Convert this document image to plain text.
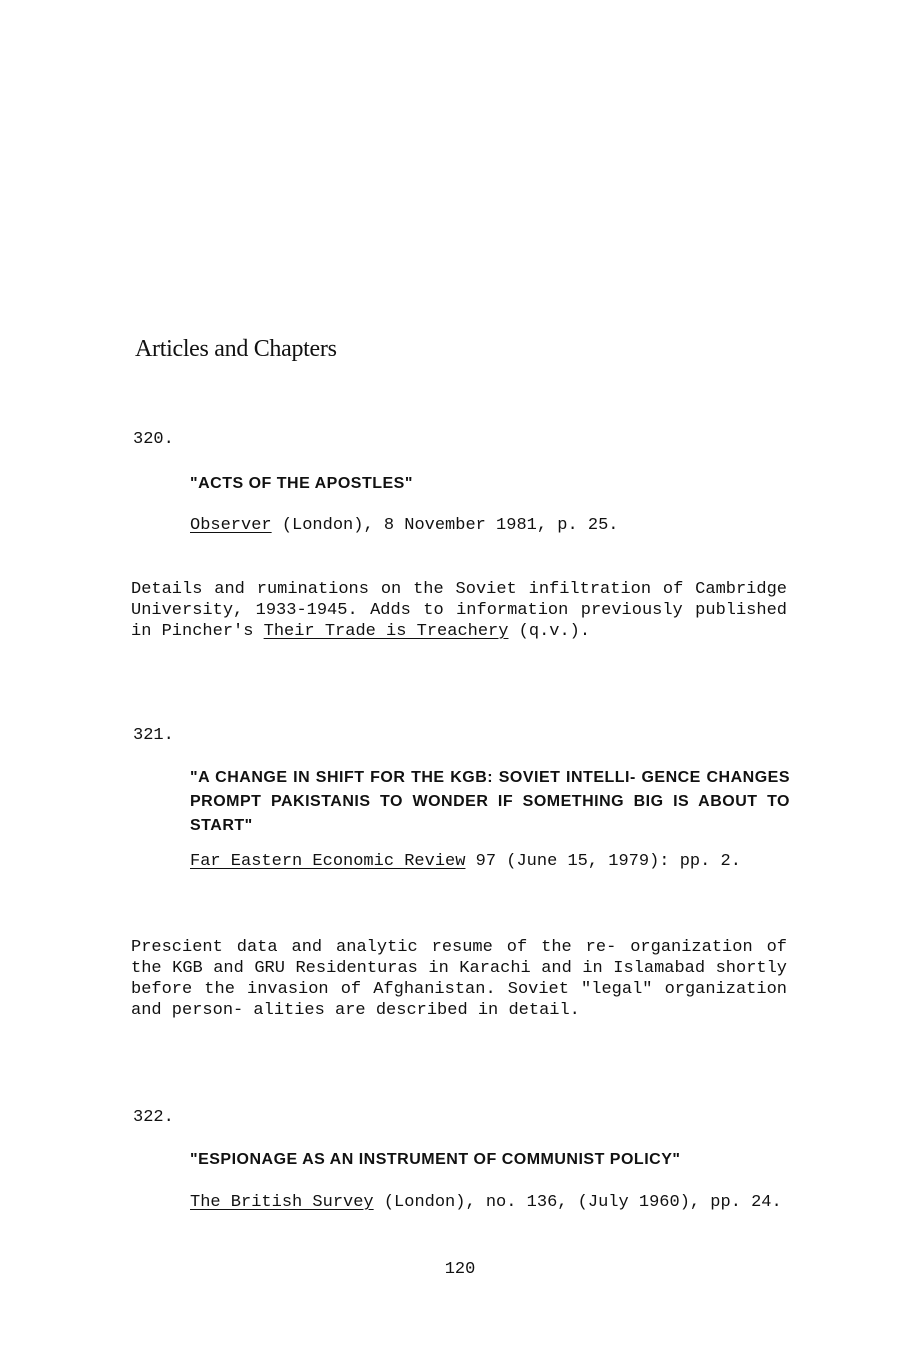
Articles and Chapters

320.

"ACTS OF THE APOSTLES"

Observer (London), 8 November 1981, p. 25.

Details and ruminations on the Soviet infiltration of Cambridge University, 1933-1945. Adds to information previously published in Pincher's Their Trade is Treachery (q.v.).

321.

"A CHANGE IN SHIFT FOR THE KGB: SOVIET INTELLI- GENCE CHANGES PROMPT PAKISTANIS TO WONDER IF SOMETHING BIG IS ABOUT TO START"

Far Eastern Economic Review 97 (June 15, 1979): pp. 2.

Prescient data and analytic resume of the re- organization of the KGB and GRU Residenturas in Karachi and in Islamabad shortly before the invasion of Afghanistan. Soviet "legal" organization and person- alities are described in detail.

322.

"ESPIONAGE AS AN INSTRUMENT OF COMMUNIST POLICY"

The British Survey (London), no. 136, (July 1960), pp. 24.

120
